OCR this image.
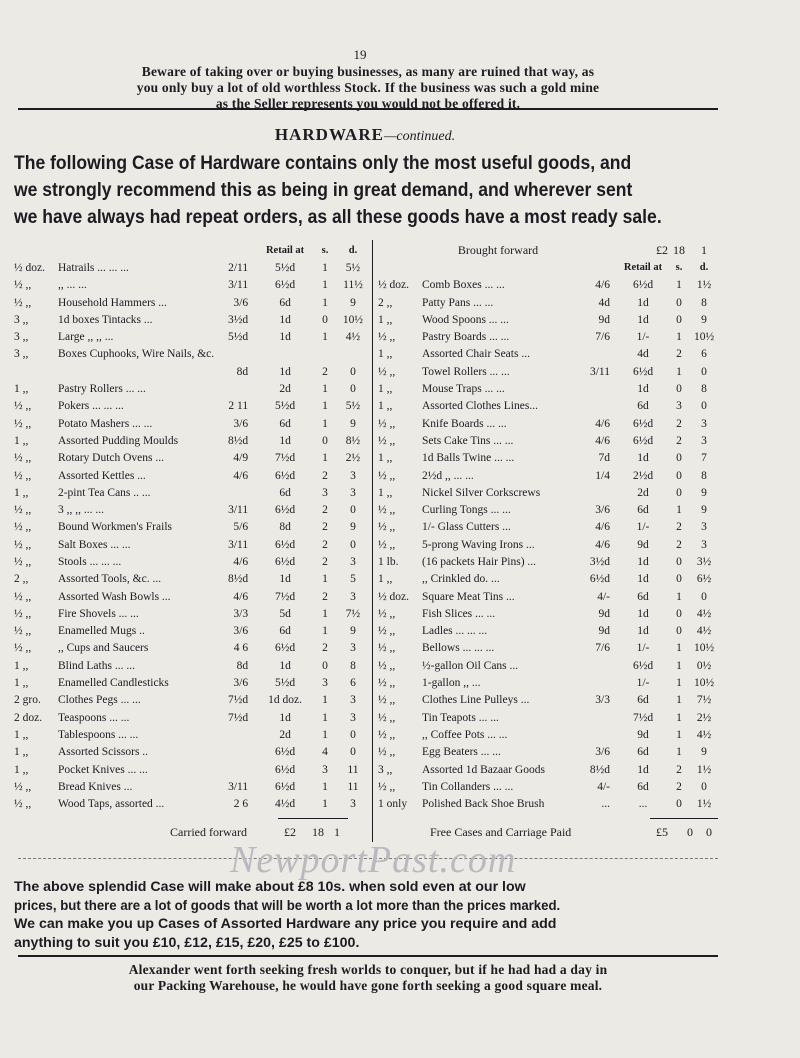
19
Beware of taking over or buying businesses, as many are ruined that way, as
you only buy a lot of old worthless Stock. If the business was such a gold mine
as the Seller represents you would not be offered it.
HARDWARE—continued.
The following Case of Hardware contains only the most useful goods, and
we strongly recommend this as being in great demand, and wherever sent
we have always had repeat orders, as all these goods have a most ready sale.
			Retail at	s.	d.
½ doz.	Hatrails ... ... ...	2/11	5½d	1	5½
½ ,,	,, ... ...	3/11	6½d	1	11½
½ ,,	Household Hammers ...	3/6	6d	1	9
3 ,,	1d boxes Tintacks ...	3½d	1d	0	10½
3 ,,	Large ,, ,, ...	5½d	1d	1	4½
3 ,,	Boxes Cuphooks, Wire Nails, &c.				
		8d	1d	2	0
1 ,,	Pastry Rollers ... ...		2d	1	0
½ ,,	Pokers ... ... ...	2 11	5½d	1	5½
½ ,,	Potato Mashers ... ...	3/6	6d	1	9
1 ,,	Assorted Pudding Moulds	8½d	1d	0	8½
½ ,,	Rotary Dutch Ovens ...	4/9	7½d	1	2½
½ ,,	Assorted Kettles ...	4/6	6½d	2	3
1 ,,	2-pint Tea Cans .. ...		6d	3	3
½ ,,	3 ,, ,, ... ...	3/11	6½d	2	0
½ ,,	Bound Workmen's Frails	5/6	8d	2	9
½ ,,	Salt Boxes ... ...	3/11	6½d	2	0
½ ,,	Stools ... ... ...	4/6	6½d	2	3
2 ,,	Assorted Tools, &c. ...	8½d	1d	1	5
½ ,,	Assorted Wash Bowls ...	4/6	7½d	2	3
½ ,,	Fire Shovels ... ...	3/3	5d	1	7½
½ ,,	Enamelled Mugs ..	3/6	6d	1	9
½ ,,	,, Cups and Saucers	4 6	6½d	2	3
1 ,,	Blind Laths ... ...	8d	1d	0	8
1 ,,	Enamelled Candlesticks	3/6	5½d	3	6
2 gro.	Clothes Pegs ... ...	7½d	1d doz.	1	3
2 doz.	Teaspoons ... ...	7½d	1d	1	3
1 ,,	Tablespoons ... ...		2d	1	0
1 ,,	Assorted Scissors ..		6½d	4	0
1 ,,	Pocket Knives ... ...		6½d	3	11
½ ,,	Bread Knives ...	3/11	6½d	1	11
½ ,,	Wood Taps, assorted ...	2 6	4½d	1	3
	Brought forward		£2	18	1
			Retail at	s.	d.
½ doz.	Comb Boxes ... ...	4/6	6½d	1	1½
2 ,,	Patty Pans ... ...	4d	1d	0	8
1 ,,	Wood Spoons ... ...	9d	1d	0	9
½ ,,	Pastry Boards ... ...	7/6	1/-	1	10½
1 ,,	Assorted Chair Seats ...		4d	2	6
½ ,,	Towel Rollers ... ...	3/11	6½d	1	0
1 ,,	Mouse Traps ... ...		1d	0	8
1 ,,	Assorted Clothes Lines...		6d	3	0
½ ,,	Knife Boards ... ...	4/6	6½d	2	3
½ ,,	Sets Cake Tins ... ...	4/6	6½d	2	3
1 ,,	1d Balls Twine ... ...	7d	1d	0	7
½ ,,	2½d ,, ... ...	1/4	2½d	0	8
1 ,,	Nickel Silver Corkscrews		2d	0	9
½ ,,	Curling Tongs ... ...	3/6	6d	1	9
½ ,,	1/- Glass Cutters ...	4/6	1/-	2	3
½ ,,	5-prong Waving Irons ...	4/6	9d	2	3
1 lb.	(16 packets Hair Pins) ...	3½d	1d	0	3½
1 ,,	,, Crinkled do. ...	6½d	1d	0	6½
½ doz.	Square Meat Tins ...	4/-	6d	1	0
½ ,,	Fish Slices ... ...	9d	1d	0	4½
½ ,,	Ladles ... ... ...	9d	1d	0	4½
½ ,,	Bellows ... ... ...	7/6	1/-	1	10½
½ ,,	½-gallon Oil Cans ...		6½d	1	0½
½ ,,	1-gallon ,, ...		1/-	1	10½
½ ,,	Clothes Line Pulleys ...	3/3	6d	1	7½
½ ,,	Tin Teapots ... ...		7½d	1	2½
½ ,,	,, Coffee Pots ... ...		9d	1	4½
½ ,,	Egg Beaters ... ...	3/6	6d	1	9
3 ,,	Assorted 1d Bazaar Goods	8½d	1d	2	1½
½ ,,	Tin Collanders ... ...	4/-	6d	2	0
1 only	Polished Back Shoe Brush	...	...	0	1½
Carried forward	£2 18 1	Free Cases and Carriage Paid	£5 0 0
NewportPast.com
The above splendid Case will make about £8 10s. when sold even at our low
prices, but there are a lot of goods that will be worth a lot more than the prices marked.
We can make you up Cases of Assorted Hardware any price you require and add
anything to suit you £10, £12, £15, £20, £25 to £100.
Alexander went forth seeking fresh worlds to conquer, but if he had had a day in
our Packing Warehouse, he would have gone forth seeking a good square meal.
